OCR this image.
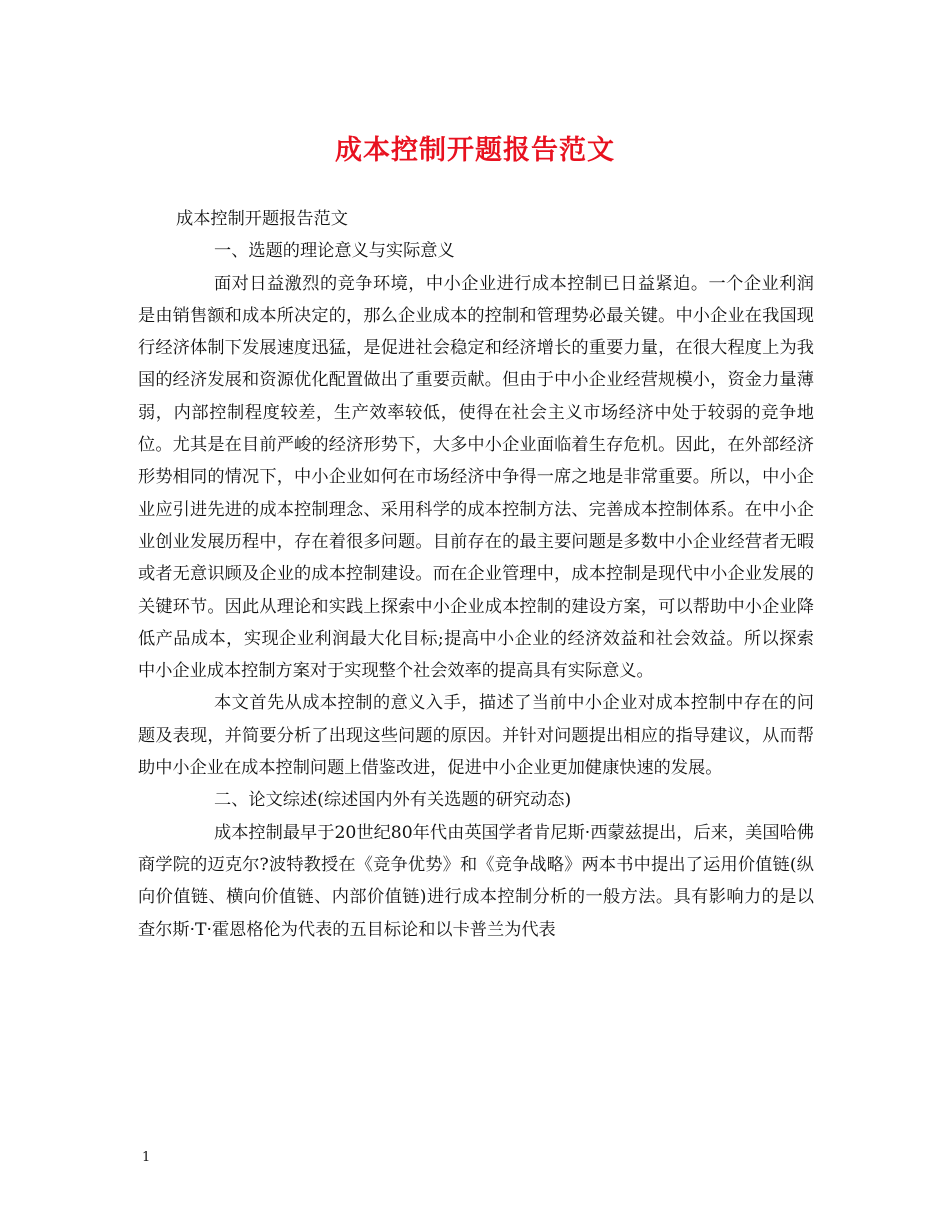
成本控制开题报告范文

成本控制开题报告范文

一、选题的理论意义与实际意义

面对日益激烈的竞争环境，中小企业进行成本控制已日益紧迫。一个企业利润是由销售额和成本所决定的，那么企业成本的控制和管理势必最关键。中小企业在我国现行经济体制下发展速度迅猛，是促进社会稳定和经济增长的重要力量，在很大程度上为我国的经济发展和资源优化配置做出了重要贡献。但由于中小企业经营规模小，资金力量薄弱，内部控制程度较差，生产效率较低，使得在社会主义市场经济中处于较弱的竞争地位。尤其是在目前严峻的经济形势下，大多中小企业面临着生存危机。因此，在外部经济形势相同的情况下，中小企业如何在市场经济中争得一席之地是非常重要。所以，中小企业应引进先进的成本控制理念、采用科学的成本控制方法、完善成本控制体系。在中小企业创业发展历程中，存在着很多问题。目前存在的最主要问题是多数中小企业经营者无暇或者无意识顾及企业的成本控制建设。而在企业管理中，成本控制是现代中小企业发展的关键环节。因此从理论和实践上探索中小企业成本控制的建设方案，可以帮助中小企业降低产品成本，实现企业利润最大化目标;提高中小企业的经济效益和社会效益。所以探索中小企业成本控制方案对于实现整个社会效率的提高具有实际意义。

本文首先从成本控制的意义入手，描述了当前中小企业对成本控制中存在的问题及表现，并简要分析了出现这些问题的原因。并针对问题提出相应的指导建议，从而帮助中小企业在成本控制问题上借鉴改进，促进中小企业更加健康快速的发展。

二、论文综述(综述国内外有关选题的研究动态)

成本控制最早于20世纪80年代由英国学者肯尼斯·西蒙兹提出，后来，美国哈佛商学院的迈克尔?波特教授在《竞争优势》和《竞争战略》两本书中提出了运用价值链(纵向价值链、横向价值链、内部价值链)进行成本控制分析的一般方法。具有影响力的是以查尔斯·T·霍恩格伦为代表的五目标论和以卡普兰为代表

1
